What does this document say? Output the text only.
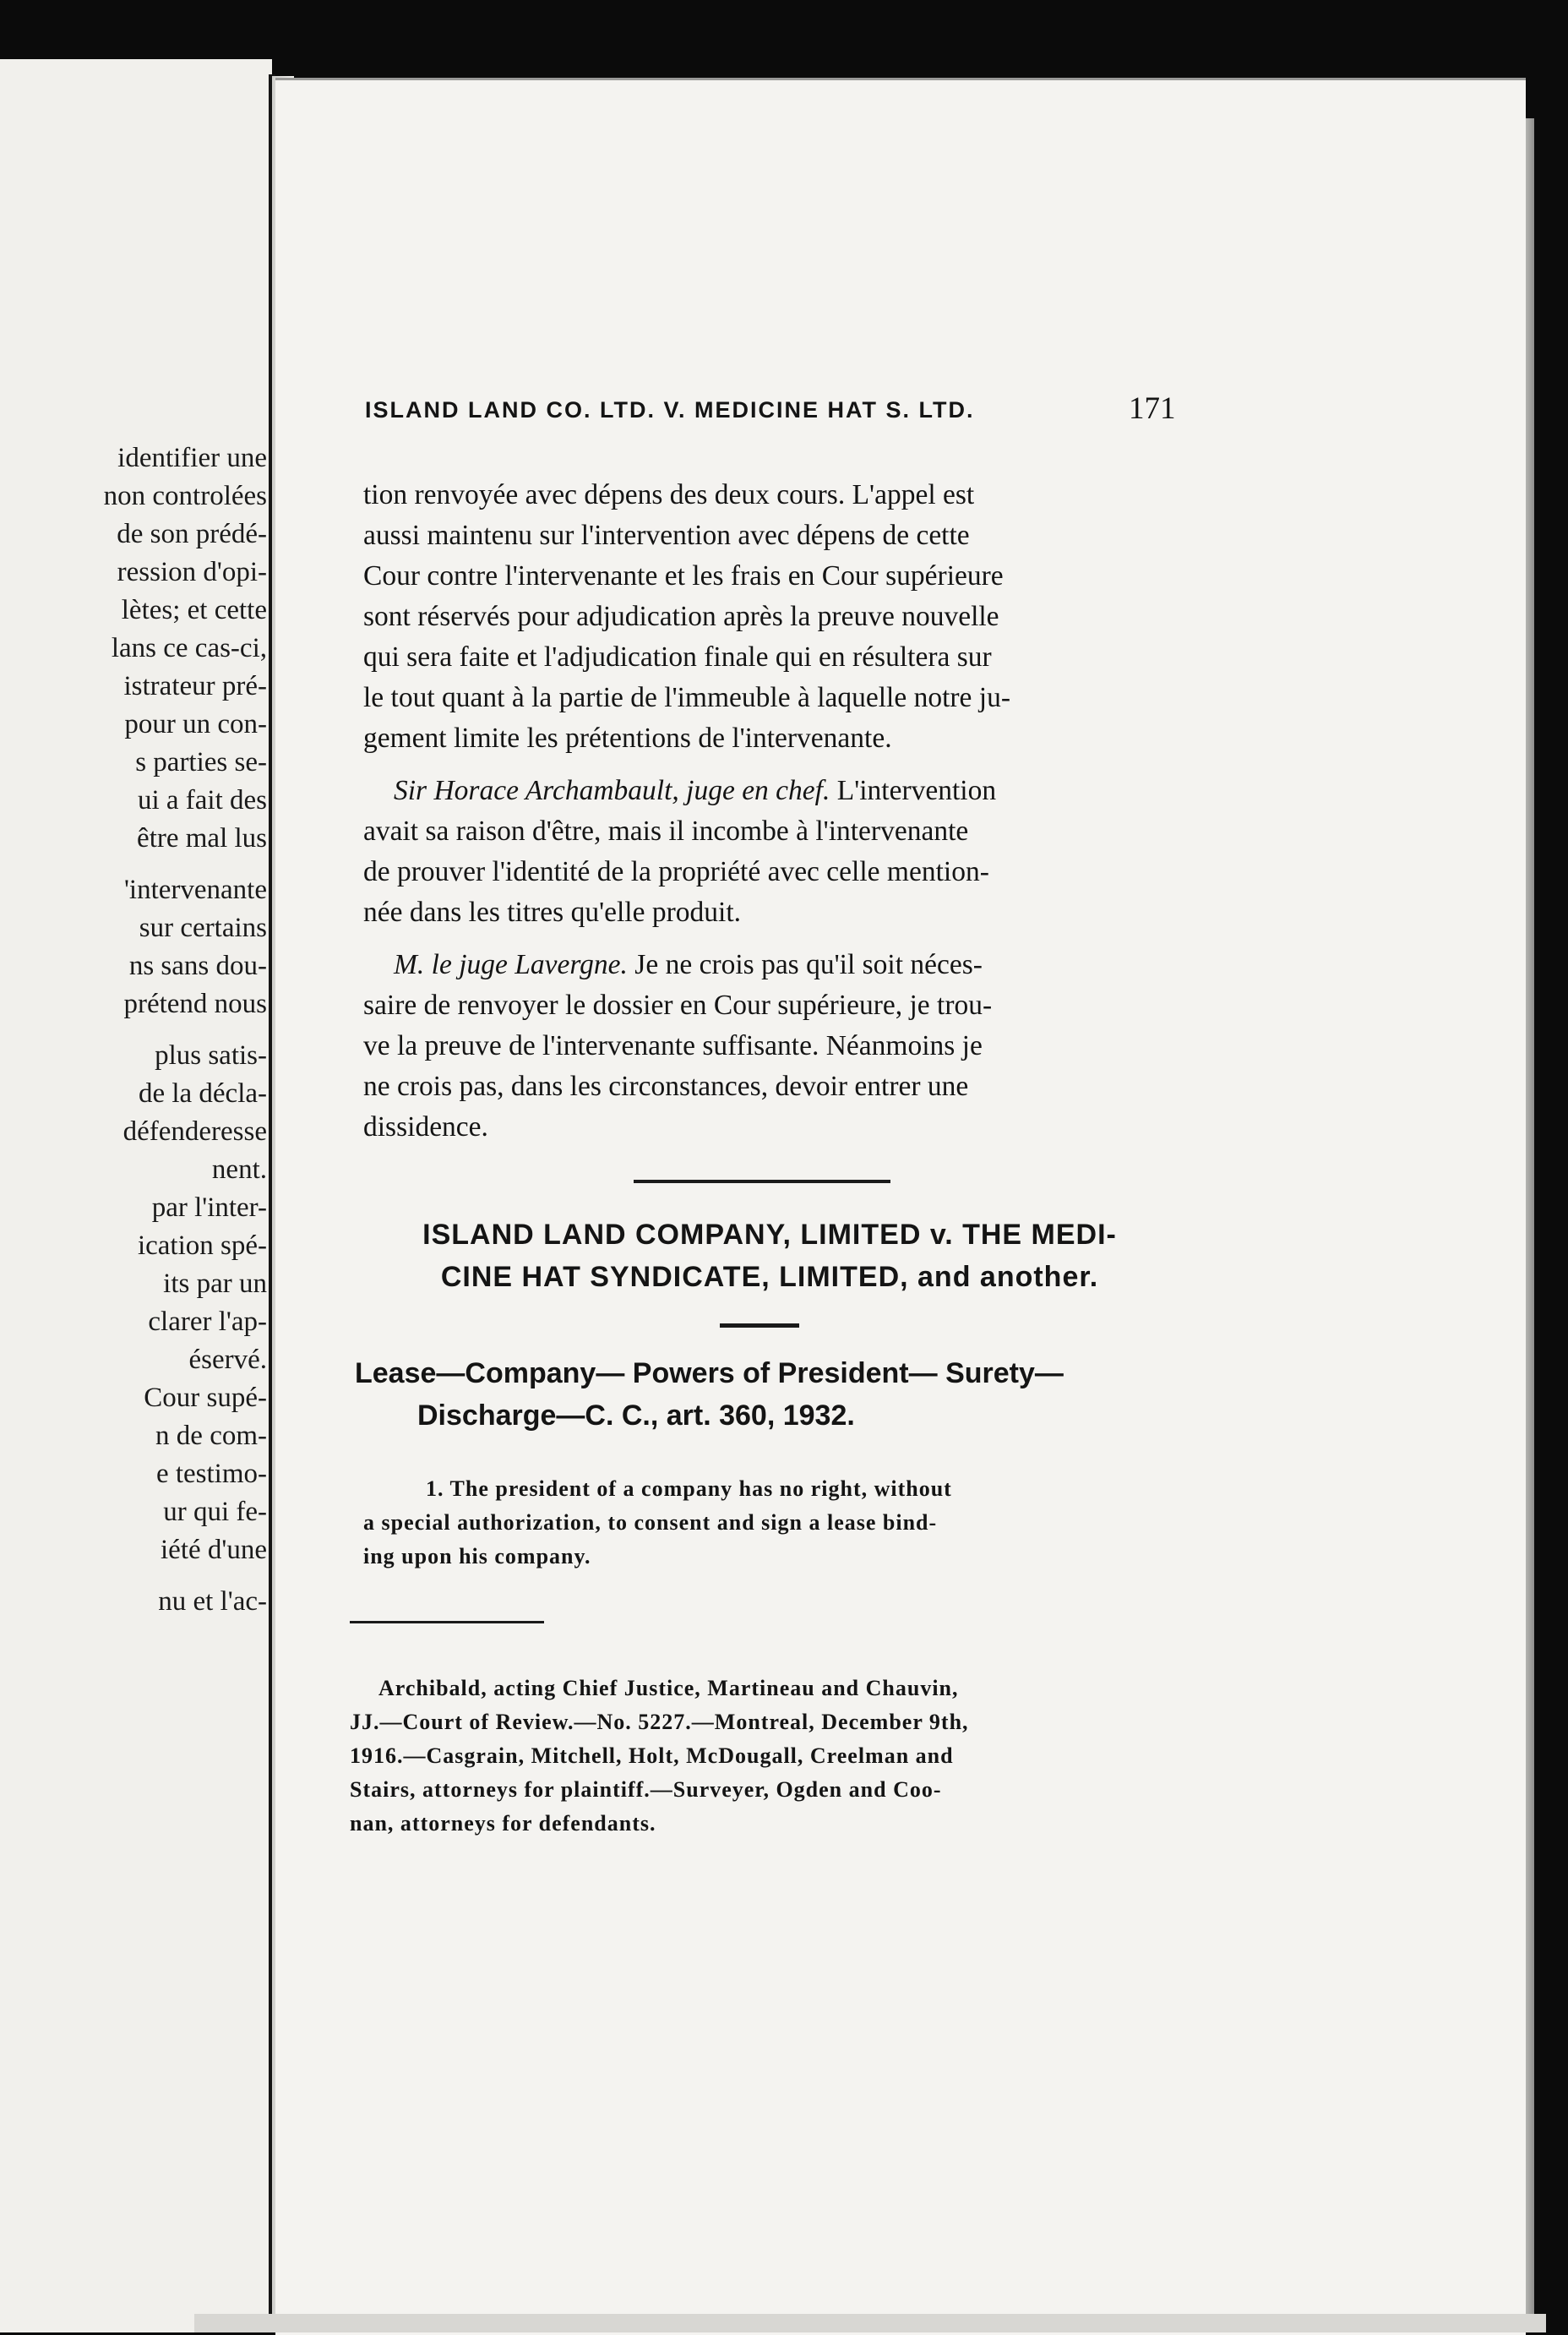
identifier une
non controlées
de son prédé-
ression d'opi-
lètes; et cette
lans ce cas-ci,
istrateur pré-
pour un con-
s parties se-
ui a fait des
être mal lus
'intervenante
sur certains
ns sans dou-
prétend nous
plus satis-
de la décla-
défenderesse
nent.
par l'inter-
ication spé-
its par un
clarer l'ap-
éservé.
Cour supé-
n de com-
e testimo-
ur qui fe-
iété d'une
nu et l'ac-
ISLAND LAND CO. LTD. V. MEDICINE HAT S. LTD.	171
tion renvoyée avec dépens des deux cours. L'appel est
aussi maintenu sur l'intervention avec dépens de cette
Cour contre l'intervenante et les frais en Cour supérieure
sont réservés pour adjudication après la preuve nouvelle
qui sera faite et l'adjudication finale qui en résultera sur
le tout quant à la partie de l'immeuble à laquelle notre ju-
gement limite les prétentions de l'intervenante.
Sir Horace Archambault, juge en chef. L'intervention
avait sa raison d'être, mais il incombe à l'intervenante
de prouver l'identité de la propriété avec celle mention-
née dans les titres qu'elle produit.
M. le juge Lavergne. Je ne crois pas qu'il soit néces-
saire de renvoyer le dossier en Cour supérieure, je trou-
ve la preuve de l'intervenante suffisante. Néanmoins je
ne crois pas, dans les circonstances, devoir entrer une
dissidence.
ISLAND LAND COMPANY, LIMITED v. THE MEDI-
CINE HAT SYNDICATE, LIMITED, and another.
Lease—Company— Powers of President— Surety—
Discharge—C. C., art. 360, 1932.
1. The president of a company has no right, without
a special authorization, to consent and sign a lease bind-
ing upon his company.
Archibald, acting Chief Justice, Martineau and Chauvin,
JJ.—Court of Review.—No. 5227.—Montreal, December 9th,
1916.—Casgrain, Mitchell, Holt, McDougall, Creelman and
Stairs, attorneys for plaintiff.—Surveyer, Ogden and Coo-
nan, attorneys for defendants.
